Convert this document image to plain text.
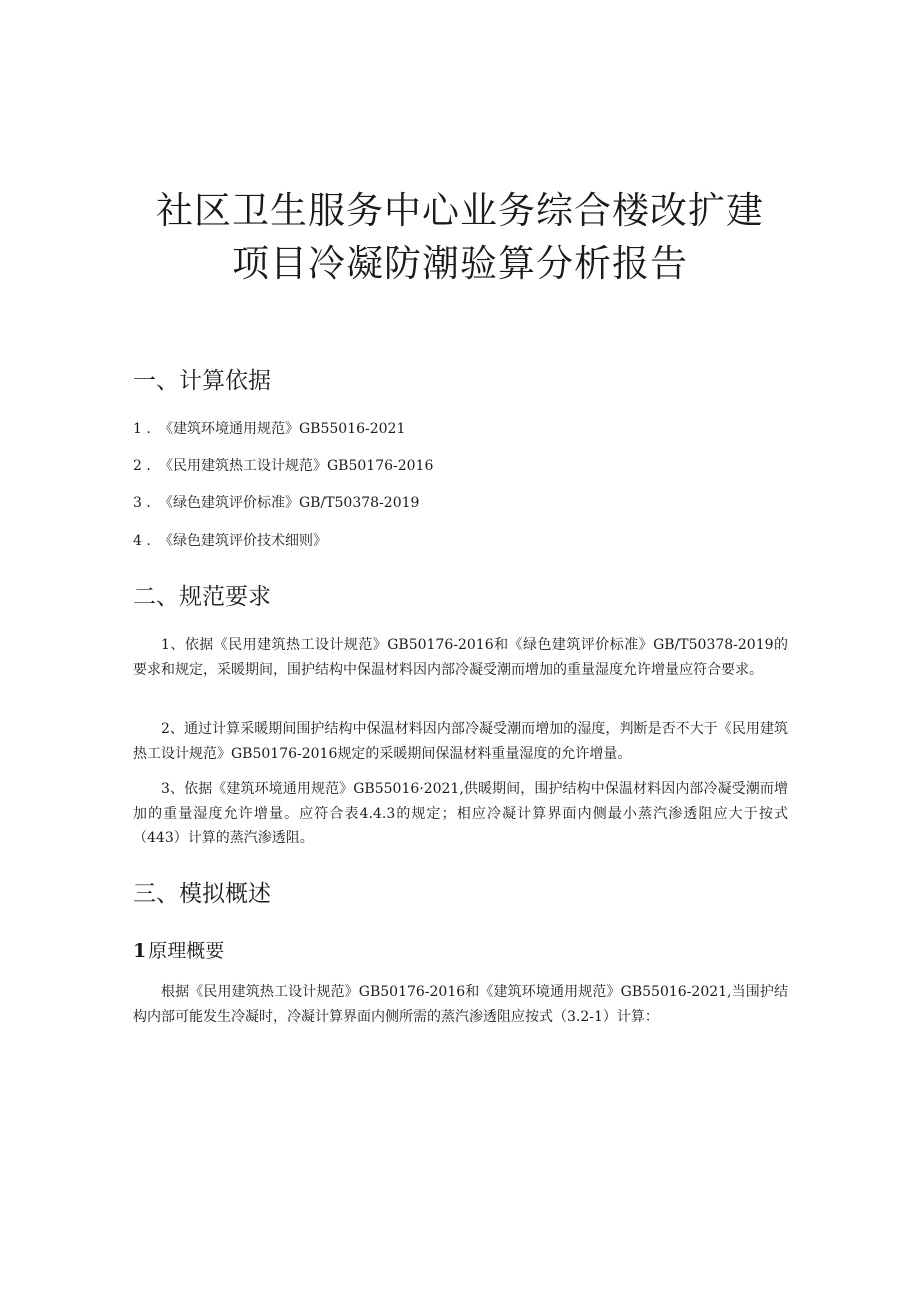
社区卫生服务中心业务综合楼改扩建
项目冷凝防潮验算分析报告
一、计算依据
1 . 《建筑环境通用规范》GB55016-2021
2 . 《民用建筑热工设计规范》GB50176-2016
3 . 《绿色建筑评价标准》GB/T50378-2019
4 . 《绿色建筑评价技术细则》
二、规范要求
1、依据《民用建筑热工设计规范》GB50176-2016和《绿色建筑评价标准》GB/T50378-2019的要求和规定，采暖期间，围护结构中保温材料因内部冷凝受潮而增加的重量湿度允许增量应符合要求。
2、通过计算采暖期间围护结构中保温材料因内部冷凝受潮而增加的湿度，判断是否不大于《民用建筑热工设计规范》GB50176-2016规定的采暖期间保温材料重量湿度的允许增量。
3、依据《建筑环境通用规范》GB55016·2021,供暖期间，围护结构中保温材料因内部冷凝受潮而增加的重量湿度允许增量。应符合表4.4.3的规定；相应冷凝计算界面内侧最小蒸汽渗透阻应大于按式（443）计算的蒸汽渗透阻。
三、模拟概述
1 原理概要
根据《民用建筑热工设计规范》GB50176-2016和《建筑环境通用规范》GB55016-2021,当围护结构内部可能发生冷凝时，冷凝计算界面内侧所需的蒸汽渗透阻应按式（3.2-1）计算：
